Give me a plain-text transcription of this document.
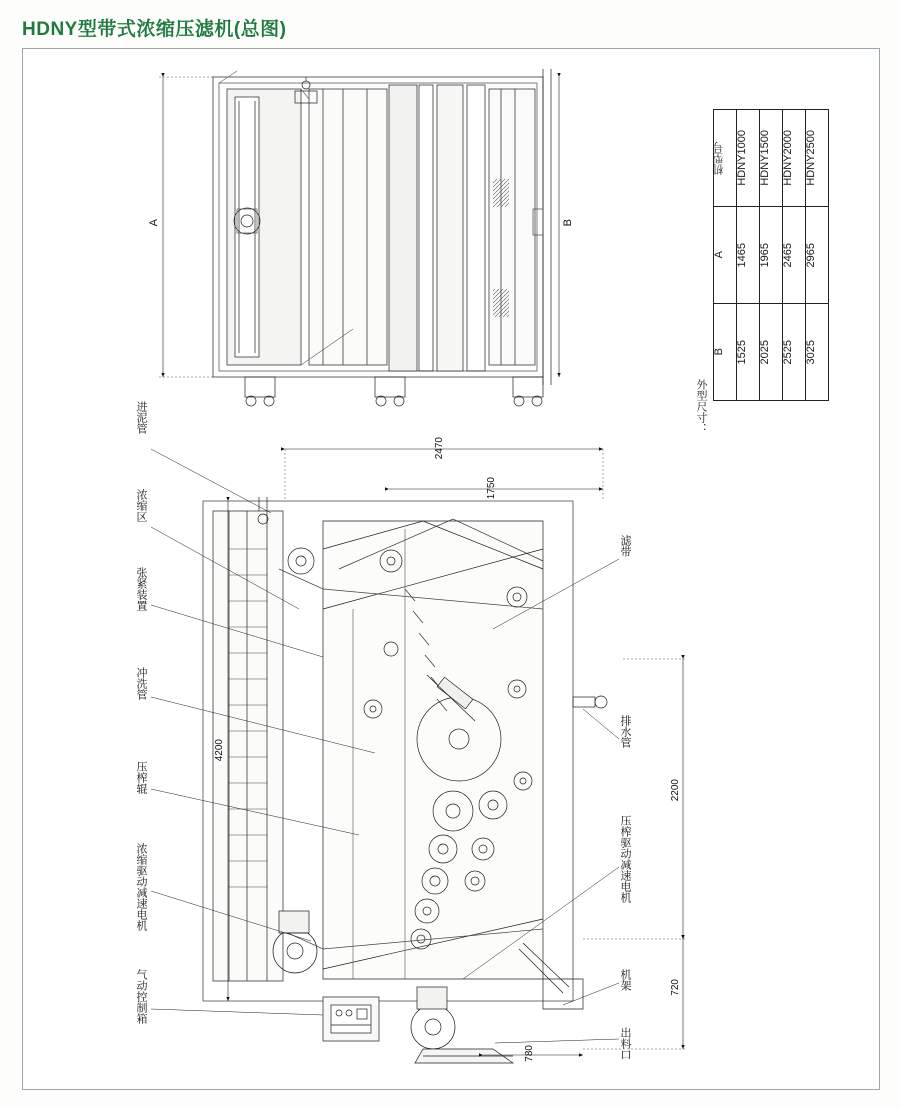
HDNY型带式浓缩压滤机(总图)
A	B
2470
1750
4200
2200
720
780
进泥管
浓缩区
张紧装置
冲洗管
压榨辊
浓缩驱动减速电机
气动控制箱
滤带
排水管
压榨驱动减速电机
机架
出料口
机型号	HDNY1000	HDNY1500	HDNY2000	HDNY2500

A	1465	1965	2465	2965

B	1525	2025	2525	3025
外型尺寸：
